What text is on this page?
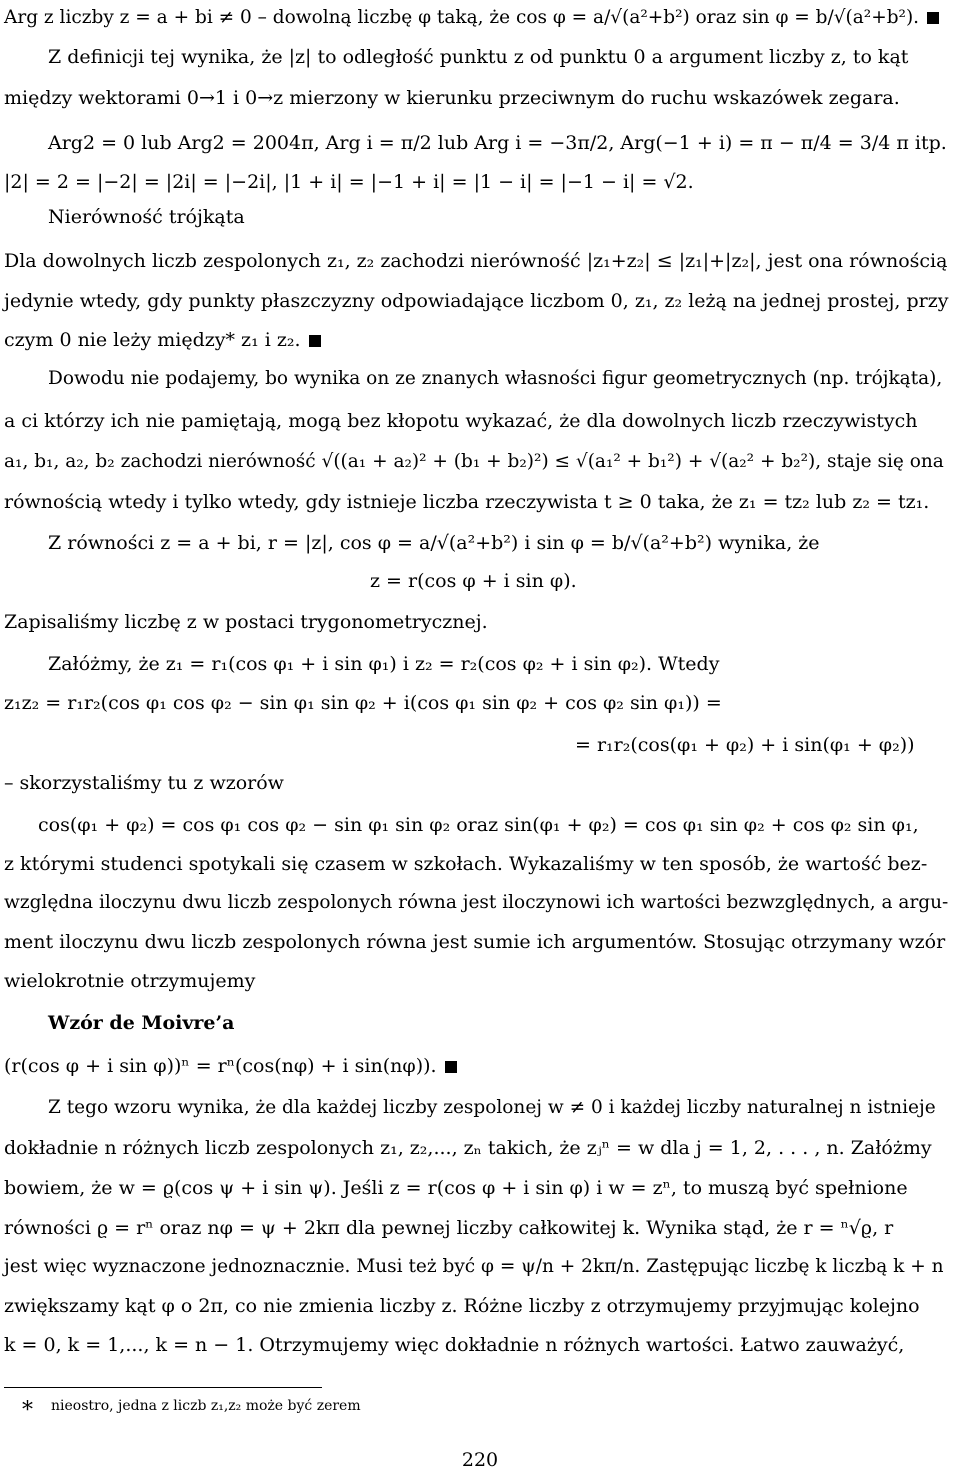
Arg z liczby z = a + bi ≠ 0 – dowolną liczbę φ taką, że cos φ = a/√(a²+b²) oraz sin φ = b/√(a²+b²).
Z definicji tej wynika, że |z| to odległość punktu z od punktu 0 a argument liczby z, to kąt
między wektorami 0→1 i 0→z mierzony w kierunku przeciwnym do ruchu wskazówek zegara.
Arg2 = 0 lub Arg2 = 2004π, Arg i = π/2 lub Arg i = −3π/2, Arg(−1 + i) = π − π/4 = 3/4 π itp.
|2| = 2 = |−2| = |2i| = |−2i|, |1 + i| = |−1 + i| = |1 − i| = |−1 − i| = √2.
Nierówność trójkąta
Dla dowolnych liczb zespolonych z₁, z₂ zachodzi nierówność |z₁+z₂| ≤ |z₁|+|z₂|, jest ona równością
jedynie wtedy, gdy punkty płaszczyzny odpowiadające liczbom 0, z₁, z₂ leżą na jednej prostej, przy
czym 0 nie leży między* z₁ i z₂.
Dowodu nie podajemy, bo wynika on ze znanych własności figur geometrycznych (np. trójkąta),
a ci którzy ich nie pamiętają, mogą bez kłopotu wykazać, że dla dowolnych liczb rzeczywistych
a₁, b₁, a₂, b₂ zachodzi nierówność √((a₁ + a₂)² + (b₁ + b₂)²) ≤ √(a₁² + b₁²) + √(a₂² + b₂²), staje się ona
równością wtedy i tylko wtedy, gdy istnieje liczba rzeczywista t ≥ 0 taka, że z₁ = tz₂ lub z₂ = tz₁.
Z równości z = a + bi, r = |z|, cos φ = a/√(a²+b²) i sin φ = b/√(a²+b²) wynika, że
z = r(cos φ + i sin φ).
Zapisaliśmy liczbę z w postaci trygonometrycznej.
Załóżmy, że z₁ = r₁(cos φ₁ + i sin φ₁) i z₂ = r₂(cos φ₂ + i sin φ₂). Wtedy
z₁z₂ = r₁r₂(cos φ₁ cos φ₂ − sin φ₁ sin φ₂ + i(cos φ₁ sin φ₂ + cos φ₂ sin φ₁)) =
= r₁r₂(cos(φ₁ + φ₂) + i sin(φ₁ + φ₂))
– skorzystaliśmy tu z wzorów
cos(φ₁ + φ₂) = cos φ₁ cos φ₂ − sin φ₁ sin φ₂ oraz sin(φ₁ + φ₂) = cos φ₁ sin φ₂ + cos φ₂ sin φ₁,
z którymi studenci spotykali się czasem w szkołach. Wykazaliśmy w ten sposób, że wartość bez-
względna iloczynu dwu liczb zespolonych równa jest iloczynowi ich wartości bezwzględnych, a argu-
ment iloczynu dwu liczb zespolonych równa jest sumie ich argumentów. Stosując otrzymany wzór
wielokrotnie otrzymujemy
Wzór de Moivre’a
(r(cos φ + i sin φ))ⁿ = rⁿ(cos(nφ) + i sin(nφ)).
Z tego wzoru wynika, że dla każdej liczby zespolonej w ≠ 0 i każdej liczby naturalnej n istnieje
dokładnie n różnych liczb zespolonych z₁, z₂,..., zₙ takich, że zⱼⁿ = w dla j = 1, 2, . . . , n. Załóżmy
bowiem, że w = ϱ(cos ψ + i sin ψ). Jeśli z = r(cos φ + i sin φ) i w = zⁿ, to muszą być spełnione
równości ϱ = rⁿ oraz nφ = ψ + 2kπ dla pewnej liczby całkowitej k. Wynika stąd, że r = ⁿ√ϱ, r
jest więc wyznaczone jednoznacznie. Musi też być φ = ψ/n + 2kπ/n. Zastępując liczbę k liczbą k + n
zwiększamy kąt φ o 2π, co nie zmienia liczby z. Różne liczby z otrzymujemy przyjmując kolejno
k = 0, k = 1,..., k = n − 1. Otrzymujemy więc dokładnie n różnych wartości. Łatwo zauważyć,
* nieostro, jedna z liczb z₁,z₂ może być zerem
220
